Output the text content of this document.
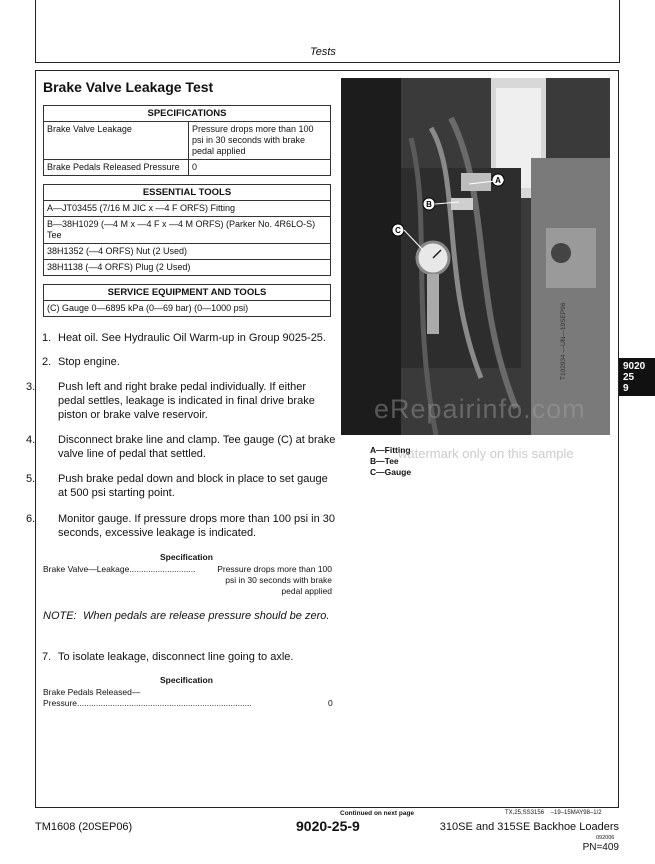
Tests
Brake Valve Leakage Test
SPECIFICATIONS	
Brake Valve Leakage	Pressure drops more than 100 psi in 30 seconds with brake pedal applied
Brake Pedals Released Pressure	0
ESSENTIAL TOOLS
A—JT03455 (7/16 M JIC x —4 F ORFS) Fitting
B—38H1029 (—4 M x —4 F x —4 M ORFS) (Parker No. 4R6LO-S) Tee
38H1352 (—4 ORFS) Nut (2 Used)
38H1138 (—4 ORFS) Plug (2 Used)
SERVICE EQUIPMENT AND TOOLS
(C) Gauge 0—6895 kPa (0—69 bar) (0—1000 psi)
1. Heat oil. See Hydraulic Oil Warm-up in Group 9025-25.
2. Stop engine.
3. Push left and right brake pedal individually. If either pedal settles, leakage is indicated in final drive brake piston or brake valve reservoir.
4. Disconnect brake line and clamp. Tee gauge (C) at brake valve line of pedal that settled.
5. Push brake pedal down and block in place to set gauge at 500 psi starting point.
6. Monitor gauge. If pressure drops more than 100 psi in 30 seconds, excessive leakage is indicated.
Specification
Brake Valve—Leakage............................	Pressure drops more than 100
psi in 30 seconds with brake
pedal applied
NOTE: When pedals are release pressure should be zero.
7. To isolate leakage, disconnect line going to axle.
Specification
Brake Pedals Released—
Pressure..........................................................................	0
A
B
C
T102934 —UN—19SEP96
A—Fitting
B—Tee
C—Gauge
9020
25
9
eRepairinfo.com
watermark only on this sample
Continued on next page	TX,25,SS3156    –19–15MAY98–1/2
TM1608 (20SEP06)	9020-25-9	310SE and 315SE Backhoe Loaders
092006
PN=409
